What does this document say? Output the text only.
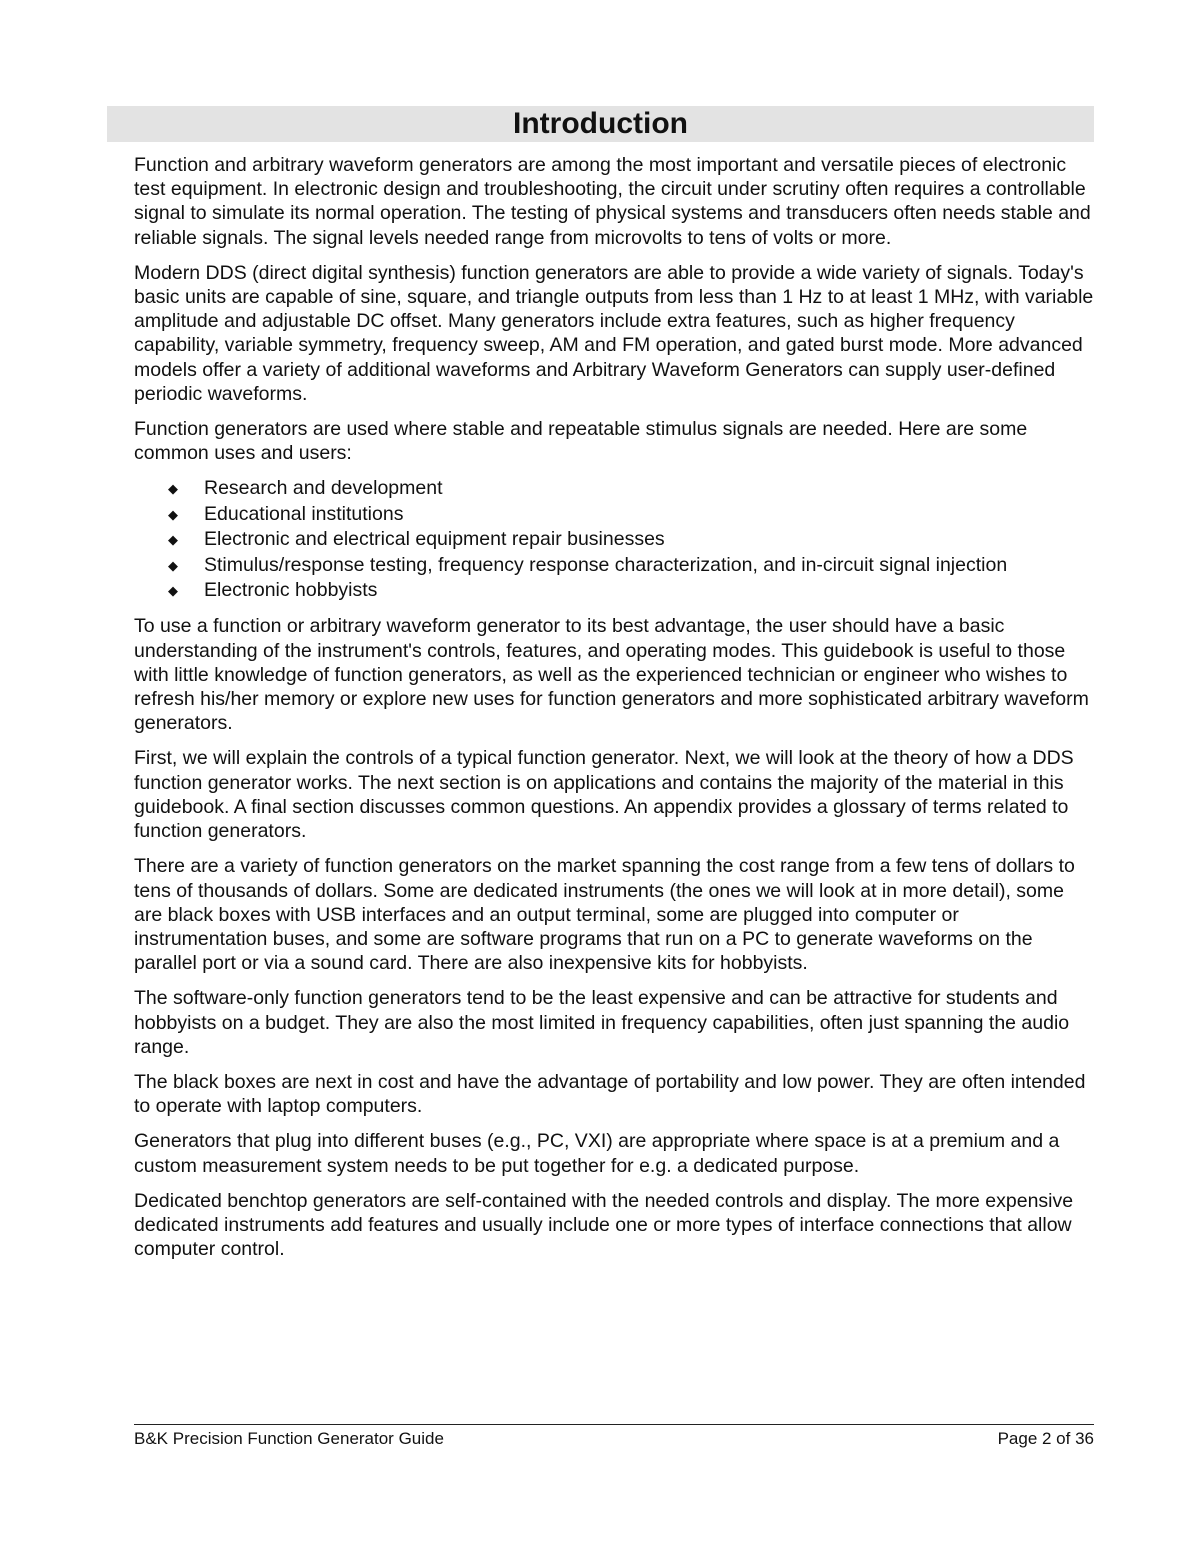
Introduction

Function and arbitrary waveform generators are among the most important and versatile pieces of electronic test equipment. In electronic design and troubleshooting, the circuit under scrutiny often requires a controllable signal to simulate its normal operation. The testing of physical systems and transducers often needs stable and reliable signals. The signal levels needed range from microvolts to tens of volts or more.

Modern DDS (direct digital synthesis) function generators are able to provide a wide variety of signals. Today's basic units are capable of sine, square, and triangle outputs from less than 1 Hz to at least 1 MHz, with variable amplitude and adjustable DC offset. Many generators include extra features, such as higher frequency capability, variable symmetry, frequency sweep, AM and FM operation, and gated burst mode. More advanced models offer a variety of additional waveforms and Arbitrary Waveform Generators can supply user-defined periodic waveforms.

Function generators are used where stable and repeatable stimulus signals are needed. Here are some common uses and users:

◆ Research and development
◆ Educational institutions
◆ Electronic and electrical equipment repair businesses
◆ Stimulus/response testing, frequency response characterization, and in-circuit signal injection
◆ Electronic hobbyists

To use a function or arbitrary waveform generator to its best advantage, the user should have a basic understanding of the instrument's controls, features, and operating modes. This guidebook is useful to those with little knowledge of function generators, as well as the experienced technician or engineer who wishes to refresh his/her memory or explore new uses for function generators and more sophisticated arbitrary waveform generators.

First, we will explain the controls of a typical function generator. Next, we will look at the theory of how a DDS function generator works. The next section is on applications and contains the majority of the material in this guidebook. A final section discusses common questions. An appendix provides a glossary of terms related to function generators.

There are a variety of function generators on the market spanning the cost range from a few tens of dollars to tens of thousands of dollars. Some are dedicated instruments (the ones we will look at in more detail), some are black boxes with USB interfaces and an output terminal, some are plugged into computer or instrumentation buses, and some are software programs that run on a PC to generate waveforms on the parallel port or via a sound card. There are also inexpensive kits for hobbyists.

The software-only function generators tend to be the least expensive and can be attractive for students and hobbyists on a budget. They are also the most limited in frequency capabilities, often just spanning the audio range.

The black boxes are next in cost and have the advantage of portability and low power. They are often intended to operate with laptop computers.

Generators that plug into different buses (e.g., PC, VXI) are appropriate where space is at a premium and a custom measurement system needs to be put together for e.g. a dedicated purpose.

Dedicated benchtop generators are self-contained with the needed controls and display. The more expensive dedicated instruments add features and usually include one or more types of interface connections that allow computer control.

B&K Precision Function Generator Guide	Page 2 of 36
